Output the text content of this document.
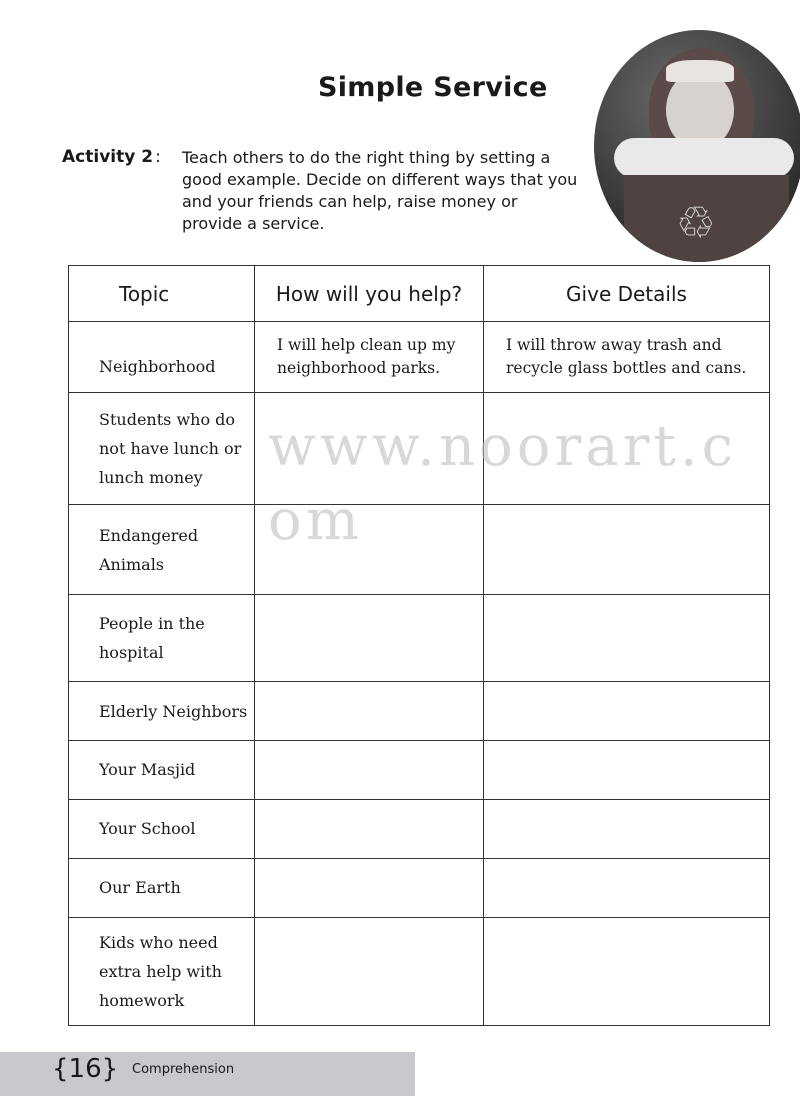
Simple Service
Activity 2 : Teach others to do the right thing by setting a good example. Decide on different ways that you and your friends can help, raise money or provide a service.	♲
Topic	How will you help?	Give Details
Neighborhood	I will help clean up my neighborhood parks.	I will throw away trash and recycle glass bottles and cans.
Students who do not have lunch or lunch money		
Endangered Animals		
People in the hospital		
Elderly Neighbors		
Your Masjid		
Your School		
Our Earth		
Kids who need extra help with homework		
www.noorart.com
{16} Comprehension
